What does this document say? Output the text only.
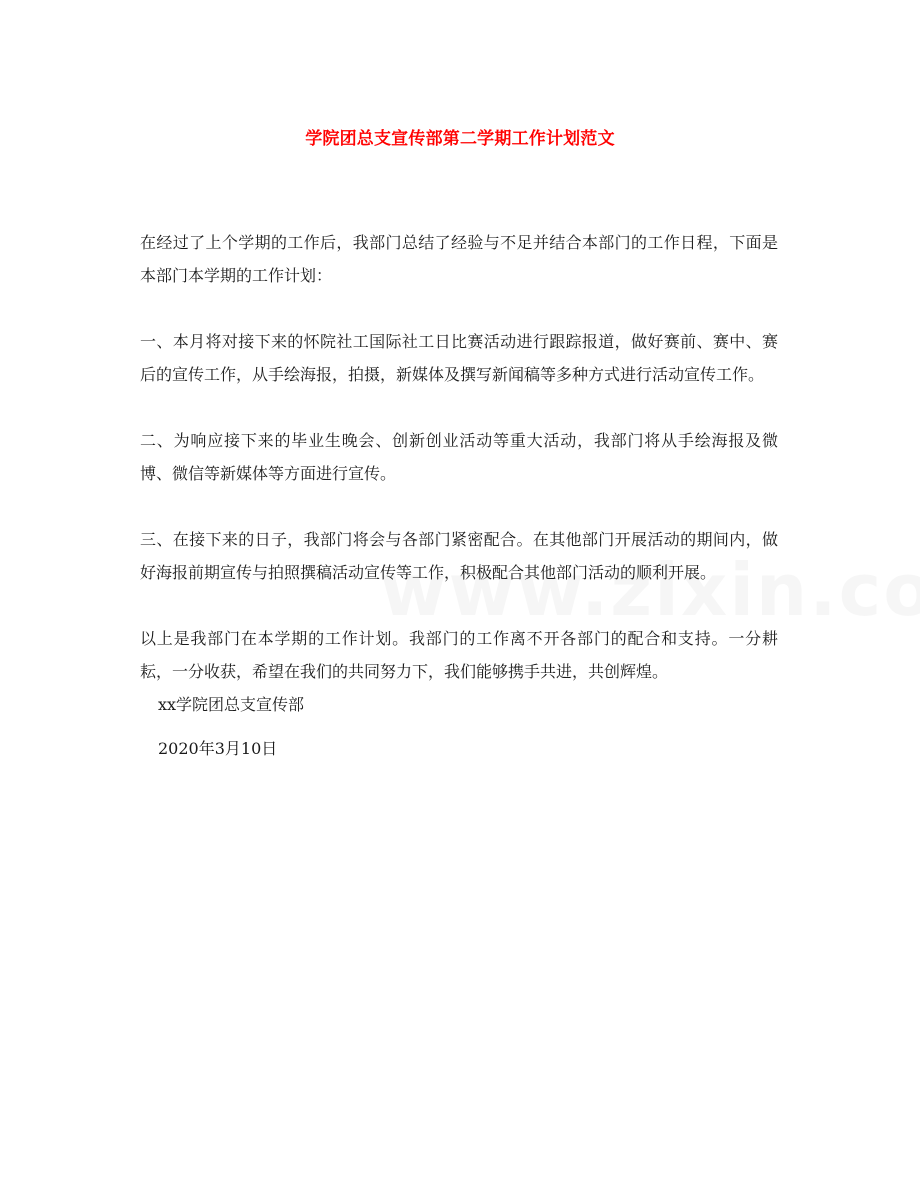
学院团总支宣传部第二学期工作计划范文

在经过了上个学期的工作后，我部门总结了经验与不足并结合本部门的工作日程，下面是本部门本学期的工作计划：

一、本月将对接下来的怀院社工国际社工日比赛活动进行跟踪报道，做好赛前、赛中、赛后的宣传工作，从手绘海报，拍摄，新媒体及撰写新闻稿等多种方式进行活动宣传工作。

二、为响应接下来的毕业生晚会、创新创业活动等重大活动，我部门将从手绘海报及微博、微信等新媒体等方面进行宣传。

三、在接下来的日子，我部门将会与各部门紧密配合。在其他部门开展活动的期间内，做好海报前期宣传与拍照撰稿活动宣传等工作，积极配合其他部门活动的顺利开展。

以上是我部门在本学期的工作计划。我部门的工作离不开各部门的配合和支持。一分耕耘，一分收获，希望在我们的共同努力下，我们能够携手共进，共创辉煌。

xx学院团总支宣传部

2020年3月10日
